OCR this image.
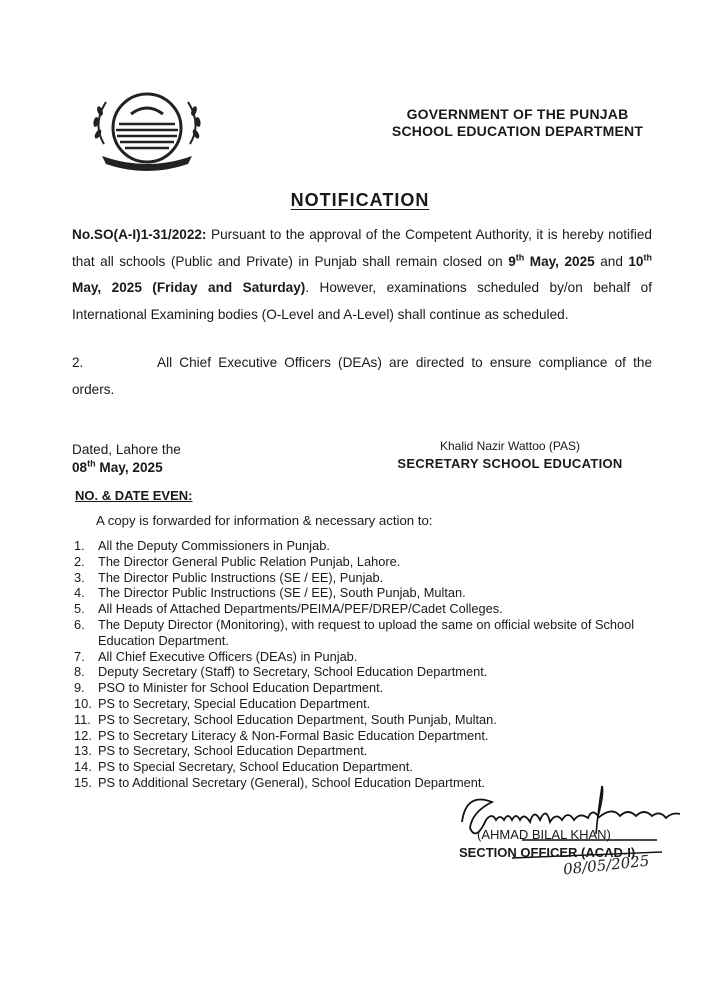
GOVERNMENT OF THE PUNJAB
SCHOOL EDUCATION DEPARTMENT
NOTIFICATION
No.SO(A-I)1-31/2022: Pursuant to the approval of the Competent Authority, it is hereby notified that all schools (Public and Private) in Punjab shall remain closed on 9th May, 2025 and 10th May, 2025 (Friday and Saturday). However, examinations scheduled by/on behalf of International Examining bodies (O-Level and A-Level) shall continue as scheduled.
2.	All Chief Executive Officers (DEAs) are directed to ensure compliance of the orders.
Dated, Lahore the
08th May, 2025
Khalid Nazir Wattoo (PAS)
SECRETARY SCHOOL EDUCATION
NO. & DATE EVEN:
A copy is forwarded for information & necessary action to:
1.	All the Deputy Commissioners in Punjab.
2.	The Director General Public Relation Punjab, Lahore.
3.	The Director Public Instructions (SE / EE), Punjab.
4.	The Director Public Instructions (SE / EE), South Punjab, Multan.
5.	All Heads of Attached Departments/PEIMA/PEF/DREP/Cadet Colleges.
6.	The Deputy Director (Monitoring), with request to upload the same on official website of School Education Department.
7.	All Chief Executive Officers (DEAs) in Punjab.
8.	Deputy Secretary (Staff) to Secretary, School Education Department.
9.	PSO to Minister for School Education Department.
10. PS to Secretary, Special Education Department.
11. PS to Secretary, School Education Department, South Punjab, Multan.
12. PS to Secretary Literacy & Non-Formal Basic Education Department.
13. PS to Secretary, School Education Department.
14. PS to Special Secretary, School Education Department.
15. PS to Additional Secretary (General), School Education Department.
(AHMAD BILAL KHAN)
SECTION OFFICER (ACAD-I)
08/05/2025
